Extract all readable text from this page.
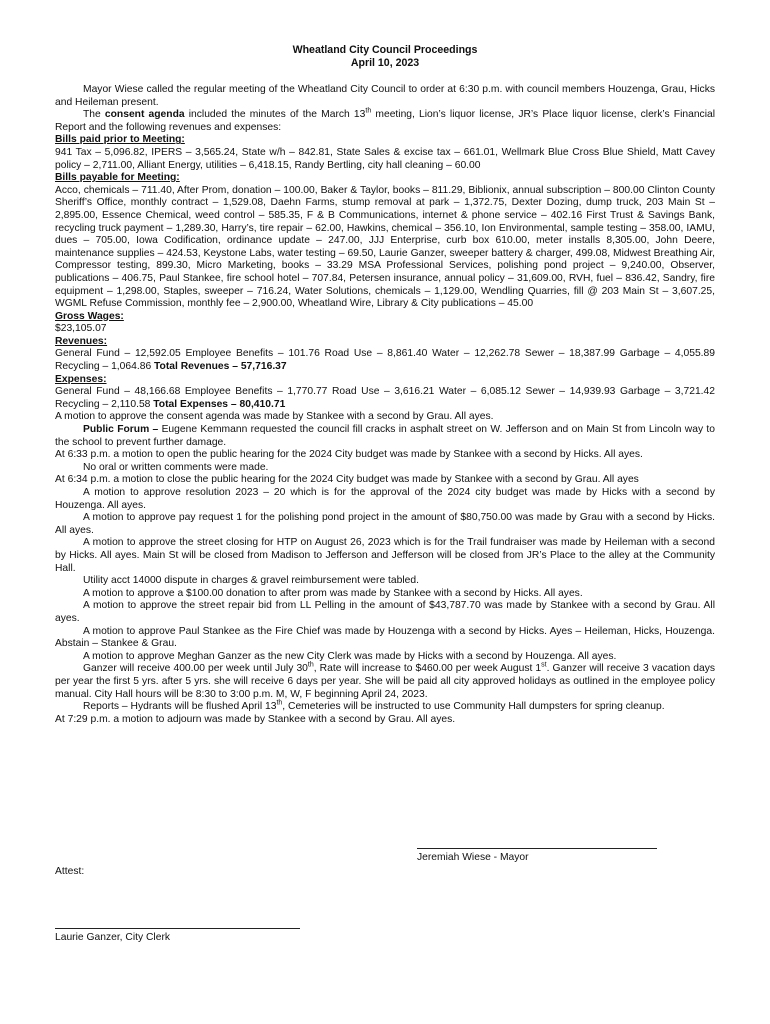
Wheatland City Council Proceedings
April 10, 2023

Mayor Wiese called the regular meeting of the Wheatland City Council to order at 6:30 p.m. with council members Houzenga, Grau, Hicks and Heileman present.

The consent agenda included the minutes of the March 13th meeting, Lion’s liquor license, JR’s Place liquor license, clerk’s Financial Report and the following revenues and expenses:

Bills paid prior to Meeting:

941 Tax – 5,096.82, IPERS – 3,565.24, State w/h – 842.81, State Sales & excise tax – 661.01, Wellmark Blue Cross Blue Shield, Matt Cavey policy – 2,711.00, Alliant Energy, utilities – 6,418.15, Randy Bertling, city hall cleaning – 60.00

Bills payable for Meeting:

Acco, chemicals – 711.40, After Prom, donation – 100.00, Baker & Taylor, books – 811.29, Biblionix, annual subscription – 800.00 Clinton County Sheriff’s Office, monthly contract – 1,529.08, Daehn Farms, stump removal at park – 1,372.75, Dexter Dozing, dump truck, 203 Main St – 2,895.00, Essence Chemical, weed control – 585.35, F & B Communications, internet & phone service – 402.16 First Trust & Savings Bank, recycling truck payment – 1,289.30, Harry’s, tire repair – 62.00, Hawkins, chemical – 356.10, Ion Environmental, sample testing – 358.00, IAMU, dues – 705.00, Iowa Codification, ordinance update – 247.00, JJJ Enterprise, curb box 610.00, meter installs 8,305.00, John Deere, maintenance supplies – 424.53, Keystone Labs, water testing – 69.50, Laurie Ganzer, sweeper battery & charger, 499.08, Midwest Breathing Air, Compressor testing, 899.30, Micro Marketing, books – 33.29 MSA Professional Services, polishing pond project – 9,240.00, Observer, publications – 406.75, Paul Stankee, fire school hotel – 707.84, Petersen insurance, annual policy – 31,609.00, RVH, fuel – 836.42, Sandry, fire equipment – 1,298.00, Staples, sweeper – 716.24, Water Solutions, chemicals – 1,129.00, Wendling Quarries, fill @ 203 Main St – 3,607.25, WGML Refuse Commission, monthly fee – 2,900.00, Wheatland Wire, Library & City publications – 45.00

Gross Wages:
$23,105.07
Revenues:

General Fund – 12,592.05 Employee Benefits – 101.76 Road Use – 8,861.40 Water – 12,262.78 Sewer – 18,387.99 Garbage – 4,055.89 Recycling – 1,064.86 Total Revenues – 57,716.37

Expenses:

General Fund – 48,166.68 Employee Benefits – 1,770.77 Road Use – 3,616.21 Water – 6,085.12 Sewer – 14,939.93 Garbage – 3,721.42 Recycling – 2,110.58 Total Expenses – 80,410.71

A motion to approve the consent agenda was made by Stankee with a second by Grau. All ayes.

Public Forum – Eugene Kemmann requested the council fill cracks in asphalt street on W. Jefferson and on Main St from Lincoln way to the school to prevent further damage.

At 6:33 p.m. a motion to open the public hearing for the 2024 City budget was made by Stankee with a second by Hicks. All ayes.

No oral or written comments were made.

At 6:34 p.m. a motion to close the public hearing for the 2024 City budget was made by Stankee with a second by Grau. All ayes

A motion to approve resolution 2023 – 20 which is for the approval of the 2024 city budget was made by Hicks with a second by Houzenga. All ayes.

A motion to approve pay request 1 for the polishing pond project in the amount of $80,750.00 was made by Grau with a second by Hicks. All ayes.

A motion to approve the street closing for HTP on August 26, 2023 which is for the Trail fundraiser was made by Heileman with a second by Hicks. All ayes. Main St will be closed from Madison to Jefferson and Jefferson will be closed from JR’s Place to the alley at the Community Hall.

Utility acct 14000 dispute in charges & gravel reimbursement were tabled.

A motion to approve a $100.00 donation to after prom was made by Stankee with a second by Hicks. All ayes.

A motion to approve the street repair bid from LL Pelling in the amount of $43,787.70 was made by Stankee with a second by Grau. All ayes.

A motion to approve Paul Stankee as the Fire Chief was made by Houzenga with a second by Hicks. Ayes – Heileman, Hicks, Houzenga. Abstain – Stankee & Grau.

A motion to approve Meghan Ganzer as the new City Clerk was made by Hicks with a second by Houzenga. All ayes.

Ganzer will receive 400.00 per week until July 30th, Rate will increase to $460.00 per week August 1st. Ganzer will receive 3 vacation days per year the first 5 yrs. after 5 yrs. she will receive 6 days per year. She will be paid all city approved holidays as outlined in the employee policy manual. City Hall hours will be 8:30 to 3:00 p.m. M, W, F beginning April 24, 2023.

Reports – Hydrants will be flushed April 13th, Cemeteries will be instructed to use Community Hall dumpsters for spring cleanup.

At 7:29 p.m. a motion to adjourn was made by Stankee with a second by Grau. All ayes.

Jeremiah Wiese - Mayor
Attest:
Laurie Ganzer, City Clerk
